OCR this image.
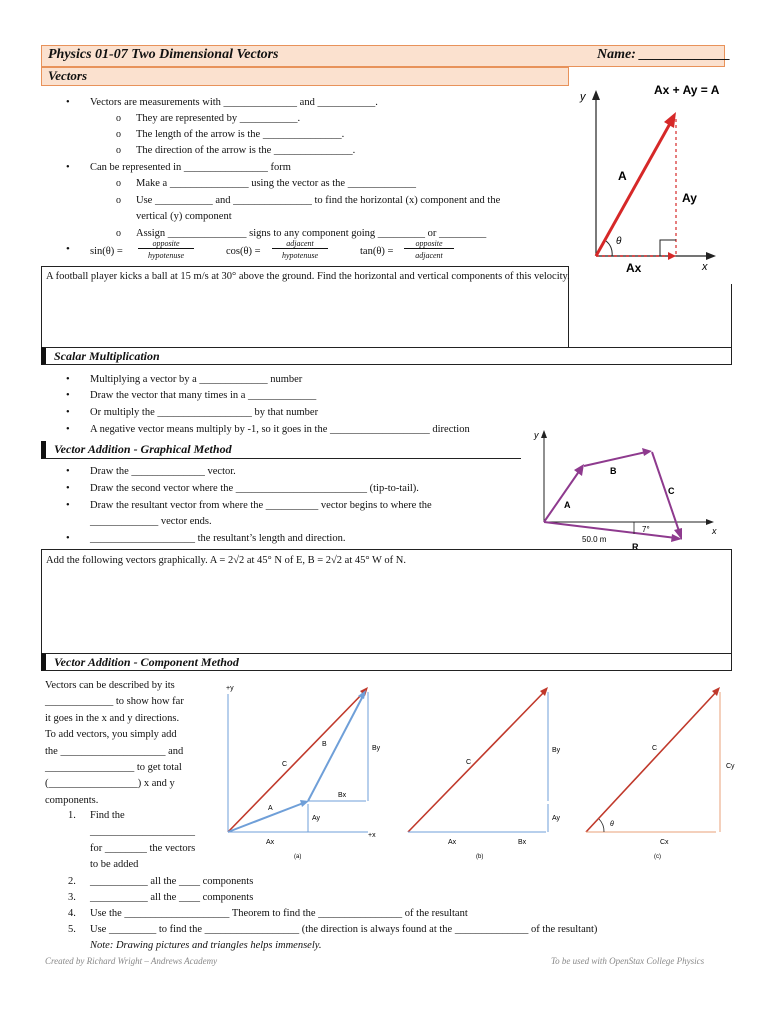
Physics 01-07 Two Dimensional Vectors	Name: _____________
Vectors
• Vectors are measurements with ______________ and ___________.
o They are represented by ___________.
o The length of the arrow is the _______________.
o The direction of the arrow is the _______________.
• Can be represented in ________________ form
o Make a _______________ using the vector as the _____________
o Use ___________ and _______________ to find the horizontal (x) component and the
vertical (y) component
o Assign _______________ signs to any component going _________ or _________
• sin(θ) =
opposite
hypotenuse	cos(θ) =
adjacent
hypotenuse	tan(θ) =
opposite
adjacent
Ax + Ay = A
y
x
θ
A
Ay
Ax
A football player kicks a ball at 15 m/s at 30° above the ground. Find the horizontal and vertical components of this velocity.
Scalar Multiplication
• Multiplying a vector by a _____________ number
• Draw the vector that many times in a _____________
• Or multiply the __________________ by that number
• A negative vector means multiply by -1, so it goes in the ___________________ direction
Vector Addition - Graphical Method
• Draw the ______________ vector.
• Draw the second vector where the _________________________ (tip-to-tail).
• Draw the resultant vector from where the __________ vector begins to where the
_____________ vector ends.
• ____________________ the resultant’s length and direction.
y
x
A
B
C
R
7°
50.0 m
Add the following vectors graphically. A = 2√2 at 45° N of E, B = 2√2 at 45° W of N.
Vector Addition - Component Method
Vectors can be described by its
_____________ to show how far
it goes in the x and y directions.
To add vectors, you simply add
the ____________________ and
_________________ to get total
(_________________) x and y
components.
1. Find the
____________________
for ________ the vectors
to be added
2. ___________ all the ____ components
3. ___________ all the ____ components
4. Use the ____________________ Theorem to find the ________________ of the resultant
5. Use _________ to find the __________________ (the direction is always found at the ______________ of the resultant)
Note: Drawing pictures and triangles helps immensely.
+y
+x
C
B
A
By
Bx
Ay
Ax
(a)
C
By
Ay
Ax	Bx
(b)
θ
C
Cy
Cx
(c)
Created by Richard Wright – Andrews Academy	To be used with OpenStax College Physics
